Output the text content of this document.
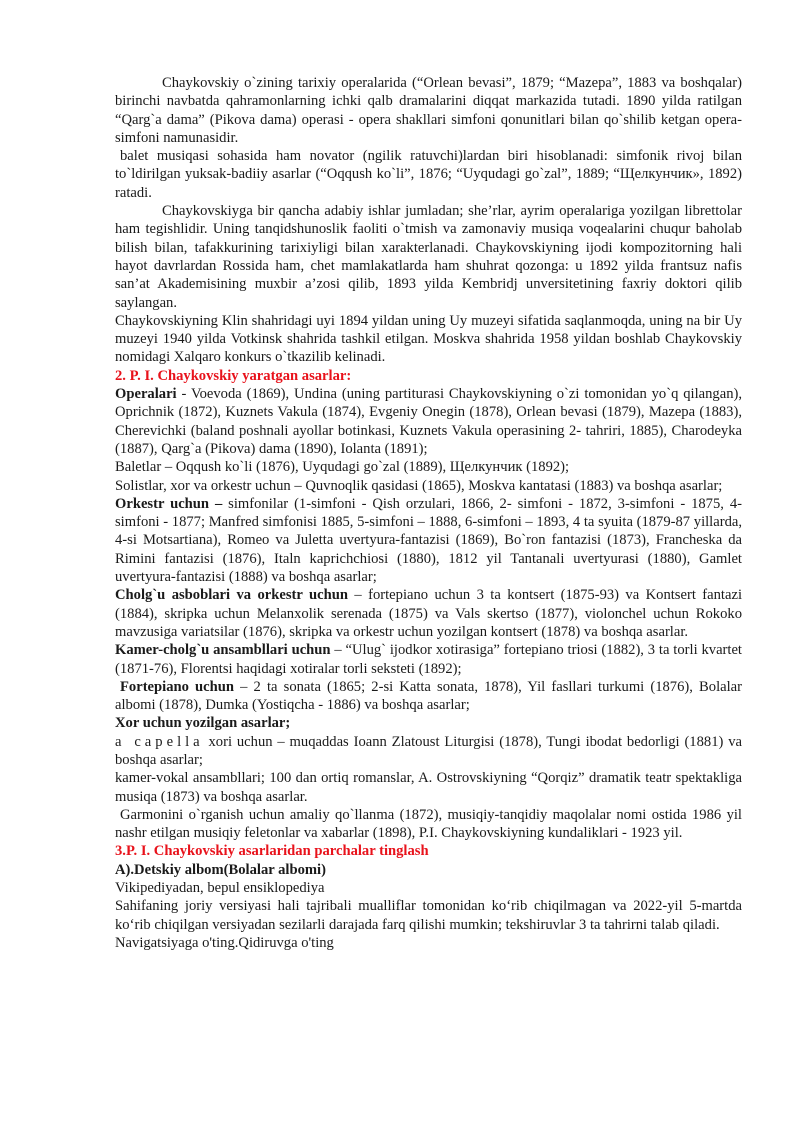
Chaykovskiy o`zining tarixiy operalarida (“Orlean bevasi”, 1879; “Mazepa”, 1883 va boshqalar) birinchi navbatda qahramonlarning ichki qalb dramalarini diqqat markazida tutadi. 1890 yilda ratilgan “Qarg`a dama” (Pikova dama) operasi - opera shakllari simfoni qonunitlari bilan qo`shilib ketgan opera-simfoni namunasidir.

balet musiqasi sohasida ham novator (ngilik ratuvchi)lardan biri hisoblanadi: simfonik rivoj bilan to`ldirilgan yuksak-badiiy asarlar (“Oqqush ko`li”, 1876; “Uyqudagi go`zal”, 1889; “Щелкунчик», 1892) ratadi.

Chaykovskiyga bir qancha adabiy ishlar jumladan; she’rlar, ayrim operalariga yozilgan librettolar ham tegishlidir. Uning tanqidshunoslik faoliti o`tmish va zamonaviy musiqa voqealarini chuqur baholab bilish bilan, tafakkurining tarixiyligi bilan xarakterlanadi. Chaykovskiyning ijodi kompozitorning hali hayot davrlardan Rossida ham, chet mamlakatlarda ham shuhrat qozonga: u 1892 yilda frantsuz nafis san’at Akademisining muxbir a’zosi qilib, 1893 yilda Kembridj unversitetining faxriy doktori qilib saylangan.

Chaykovskiyning Klin shahridagi uyi 1894 yildan uning Uy muzeyi sifatida saqlanmoqda, uning na bir Uy muzeyi 1940 yilda Votkinsk shahrida tashkil etilgan. Moskva shahrida 1958 yildan boshlab Chaykovskiy nomidagi Xalqaro konkurs o`tkazilib kelinadi.

2. P. I. Chaykovskiy yaratgan asarlar:

Operalari - Voevoda (1869), Undina (uning partiturasi Chaykovskiyning o`zi tomonidan yo`q qilangan), Oprichnik (1872), Kuznets Vakula (1874), Evgeniy Onegin (1878), Orlean bevasi (1879), Mazepa (1883), Cherevichki (baland poshnali ayollar botinkasi, Kuznets Vakula operasining 2- tahriri, 1885), Charodeyka (1887), Qarg`a (Pikova) dama (1890), Iolanta (1891);

Baletlar – Oqqush ko`li (1876), Uyqudagi go`zal (1889), Щелкунчик (1892);

Solistlar, xor va orkestr uchun – Quvnoqlik qasidasi (1865), Moskva kantatasi (1883) va boshqa asarlar;

Orkestr uchun – simfonilar (1-simfoni - Qish orzulari, 1866, 2- simfoni - 1872, 3-simfoni - 1875, 4-simfoni - 1877; Manfred simfonisi 1885, 5-simfoni – 1888, 6-simfoni – 1893, 4 ta syuita (1879-87 yillarda, 4-si Motsartiana), Romeo va Juletta uvertyura-fantazisi (1869), Bo`ron fantazisi (1873), Francheska da Rimini fantazisi (1876), Italn kaprichchiosi (1880), 1812 yil Tantanali uvertyurasi (1880), Gamlet uvertyura-fantazisi (1888) va boshqa asarlar;

Cholg`u asboblari va orkestr uchun – fortepiano uchun 3 ta kontsert (1875-93) va Kontsert fantazi (1884), skripka uchun Melanxolik serenada (1875) va Vals skertso (1877), violonchel uchun Rokoko mavzusiga variatsilar (1876), skripka va orkestr uchun yozilgan kontsert (1878) va boshqa asarlar.

Kamer-cholg`u ansambllari uchun – “Ulug` ijodkor xotirasiga” fortepiano triosi (1882), 3 ta torli kvartet (1871-76), Florentsi haqidagi xotiralar torli seksteti (1892);

Fortepiano uchun – 2 ta sonata (1865; 2-si Katta sonata, 1878), Yil fasllari turkumi (1876), Bolalar albomi (1878), Dumka (Yostiqcha - 1886) va boshqa asarlar;

Xor uchun yozilgan asarlar;

a capella xori uchun – muqaddas Ioann Zlatoust Liturgisi (1878), Tungi ibodat bedorligi (1881) va boshqa asarlar;

kamer-vokal ansambllari; 100 dan ortiq romanslar, A. Ostrovskiyning “Qorqiz” dramatik teatr spektakliga musiqa (1873) va boshqa asarlar.

Garmonini o`rganish uchun amaliy qo`llanma (1872), musiqiy-tanqidiy maqolalar nomi ostida 1986 yil nashr etilgan musiqiy feletonlar va xabarlar (1898), P.I. Chaykovskiyning kundaliklari - 1923 yil.

3.P. I. Chaykovskiy asarlaridan parchalar tinglash

A).Detskiy albom(Bolalar albomi)

Vikipediyadan, bepul ensiklopediya

Sahifaning joriy versiyasi hali tajribali mualliflar tomonidan ko‘rib chiqilmagan va 2022-yil 5-martda ko‘rib chiqilgan versiyadan sezilarli darajada farq qilishi mumkin; tekshiruvlar 3 ta tahrirni talab qiladi.

Navigatsiyaga o'ting.Qidiruvga o'ting
